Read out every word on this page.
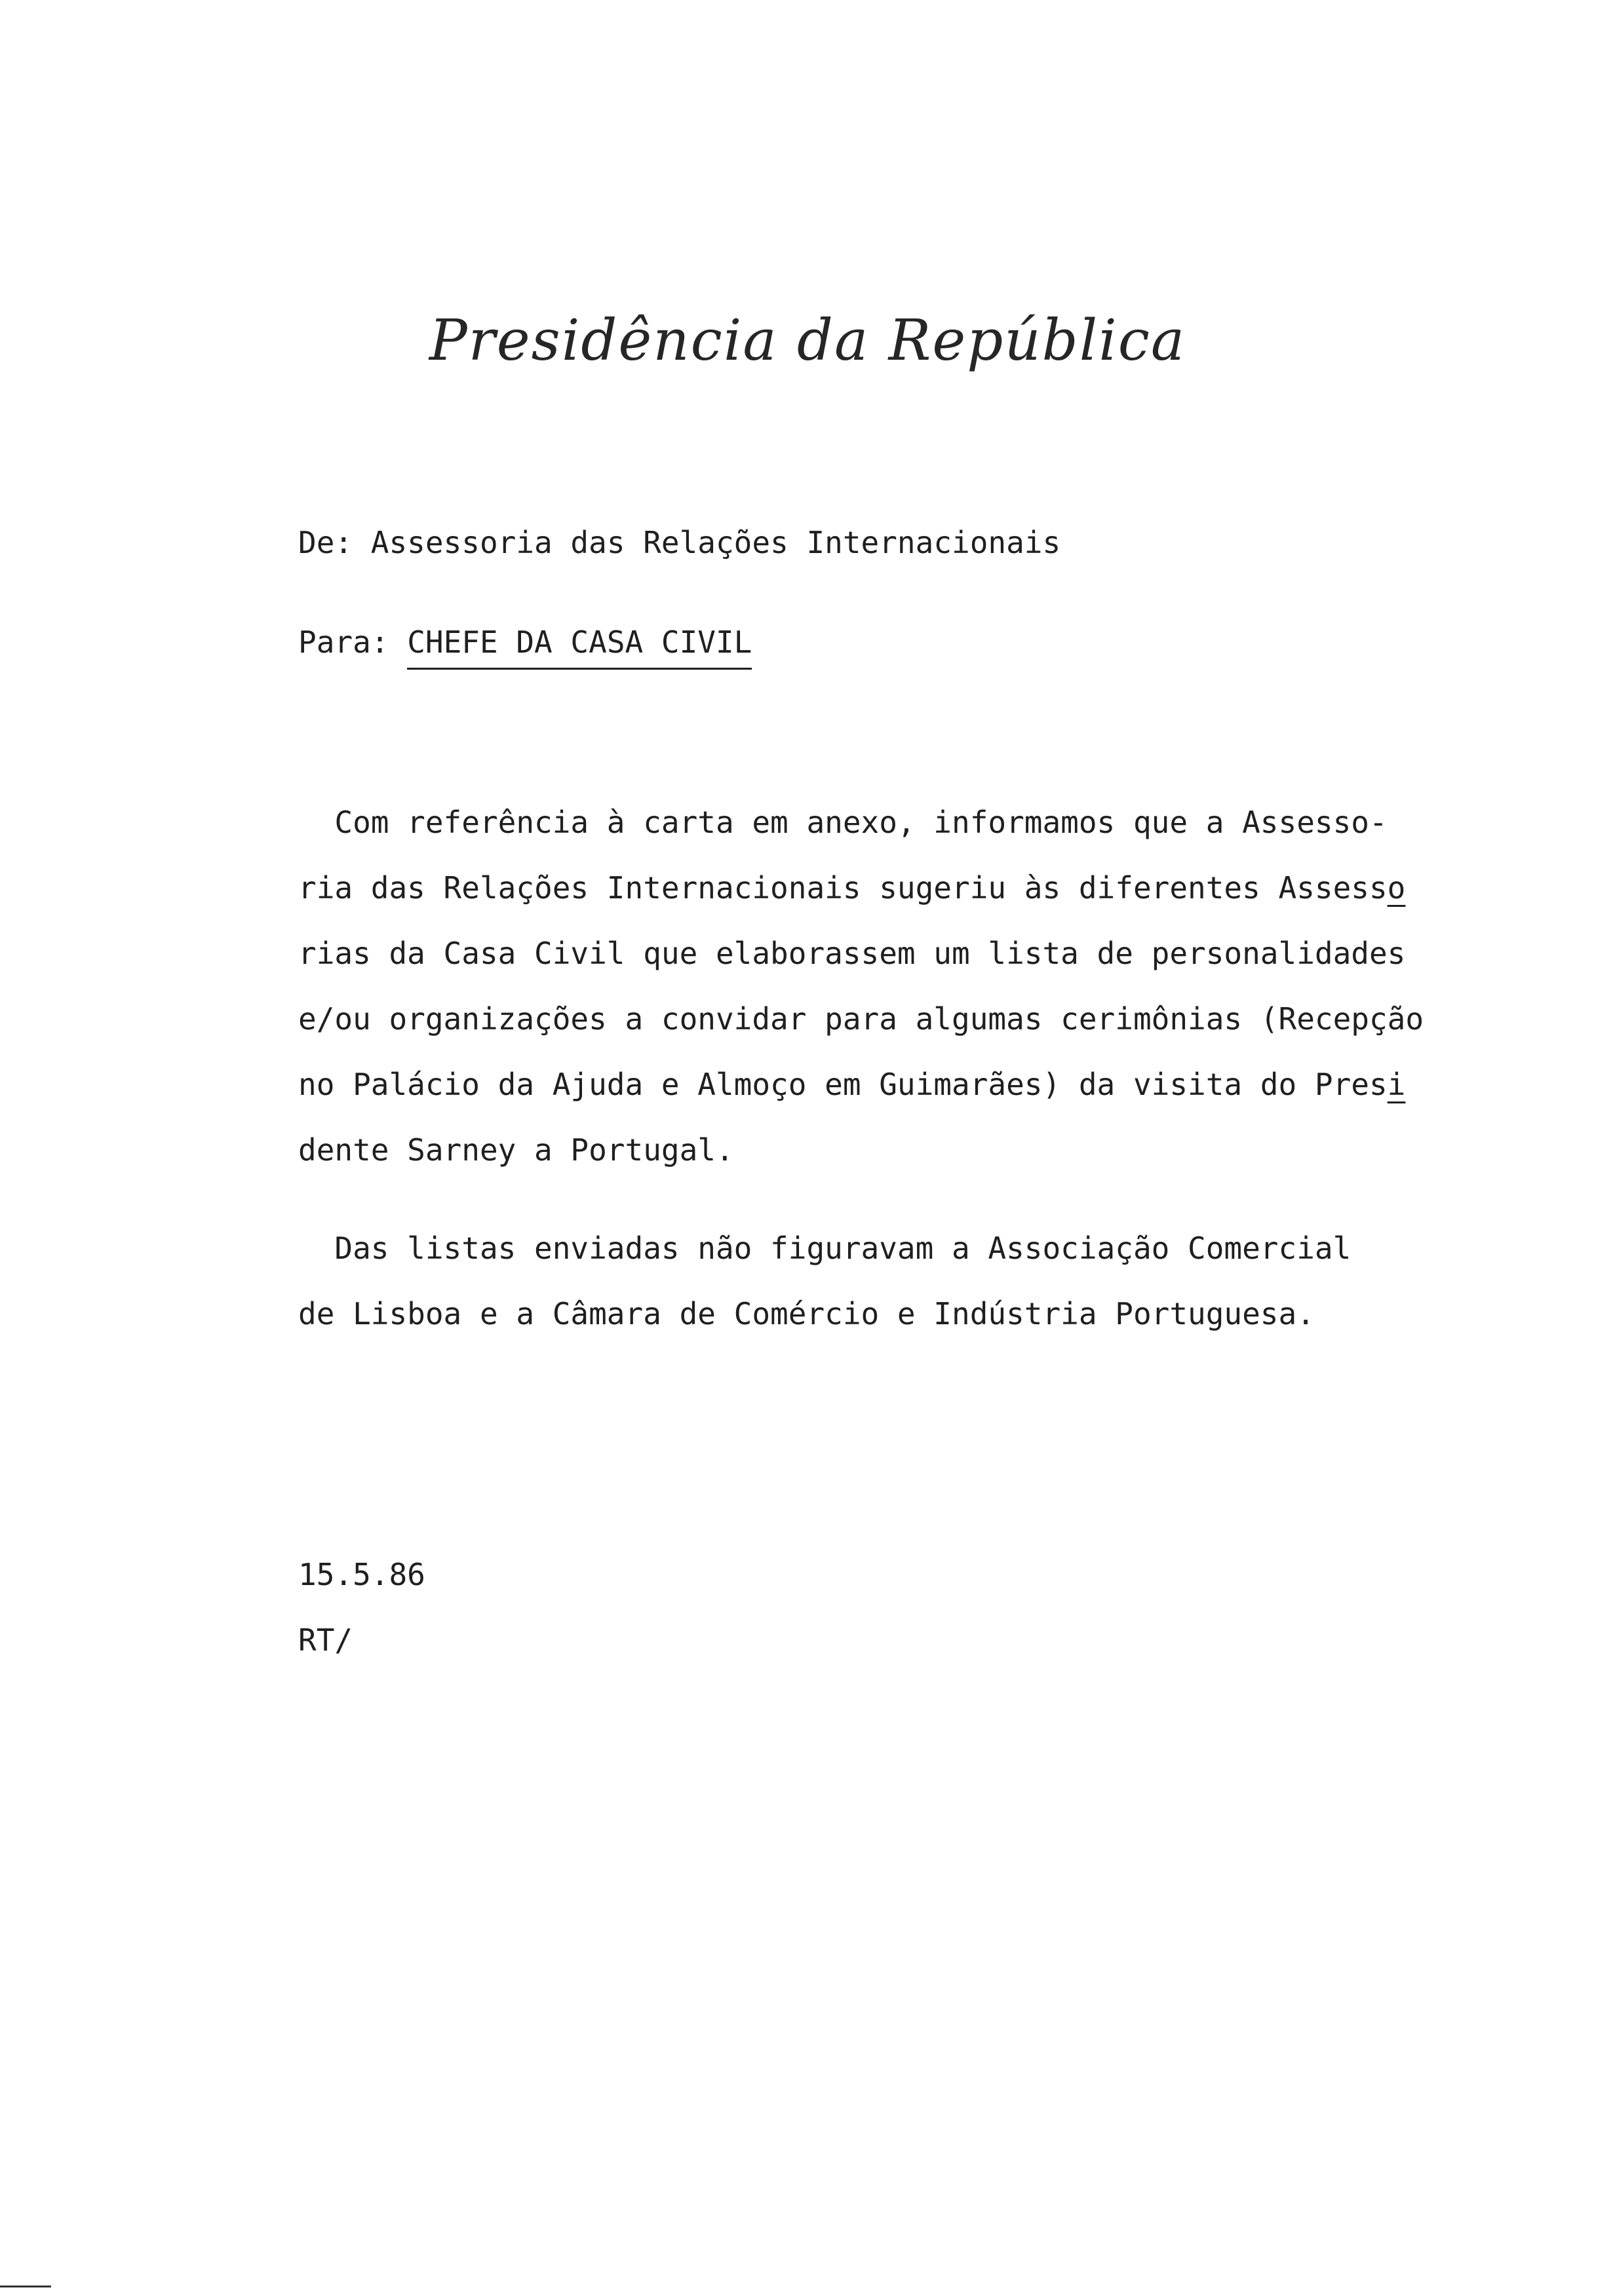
Presidência da República
De: Assessoria das Relações Internacionais
Para: CHEFE DA CASA CIVIL
Com referência à carta em anexo, informamos que a Assesso-
ria das Relações Internacionais sugeriu às diferentes Assesso
rias da Casa Civil que elaborassem um lista de personalidades
e/ou organizações a convidar para algumas cerimônias (Recepção
no Palácio da Ajuda e Almoço em Guimarães) da visita do Presi
dente Sarney a Portugal.
Das listas enviadas não figuravam a Associação Comercial
de Lisboa e a Câmara de Comércio e Indústria Portuguesa.
15.5.86
RT/
